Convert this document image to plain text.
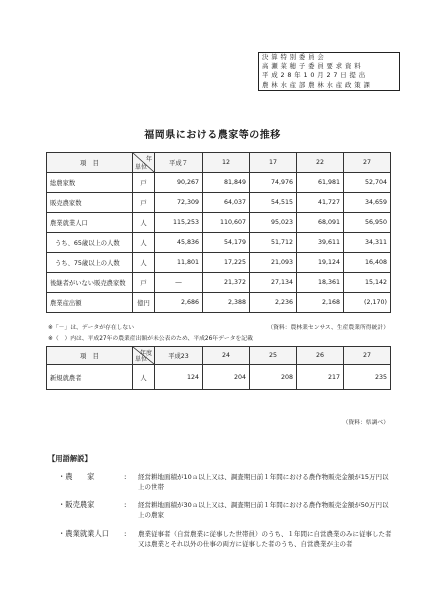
決 算 特 別 委 員 会
高 瀬 菜 穂 子 委 員 要 求 資 料
平 成 2 8 年 1 0 月 2 7 日 提 出
農 林 水 産 部 農 林 水 産 政 策 課
福岡県における農家等の推移
項　目	年
単位	平成７	12	17	22	27
総農家数	戸	90,267	81,849	74,976	61,981	52,704
販売農家数	戸	72,309	64,037	54,515	41,727	34,659
農業就業人口	人	115,253	110,607	95,023	68,091	56,950
うち、65歳以上の人数	人	45,836	54,179	51,712	39,611	34,311
うち、75歳以上の人数	人	11,801	17,225	21,093	19,124	16,408
後継者がいない販売農家数	戸	―	21,372	27,134	18,361	15,142
農業産出額	億円	2,686	2,388	2,236	2,168	(2,170)
※「－」は、データが存在しない	（資料：農林業センサス、生産農業所得統計）
※（　）内は、平成27年の農業産出額が未公表のため、平成26年データを記載
項　目	年度
単位	平成23	24	25	26	27
新規就農者	人	124	204	208	217	235
（資料：県調べ）
【用語解説】
・農　　家	: 経営耕地面積が10ａ以上又は、調査期日前１年間における農作物販売金額が15万円以上の世帯
・販売農家	: 経営耕地面積が30ａ以上又は、調査期日前１年間における農作物販売金額が50万円以上の農家
・農業就業人口 : 農業従事者（自営農業に従事した世帯員）のうち、１年間に自営農業のみに従事した者又は農業とそれ以外の仕事の両方に従事した者のうち、自営農業が主の者
